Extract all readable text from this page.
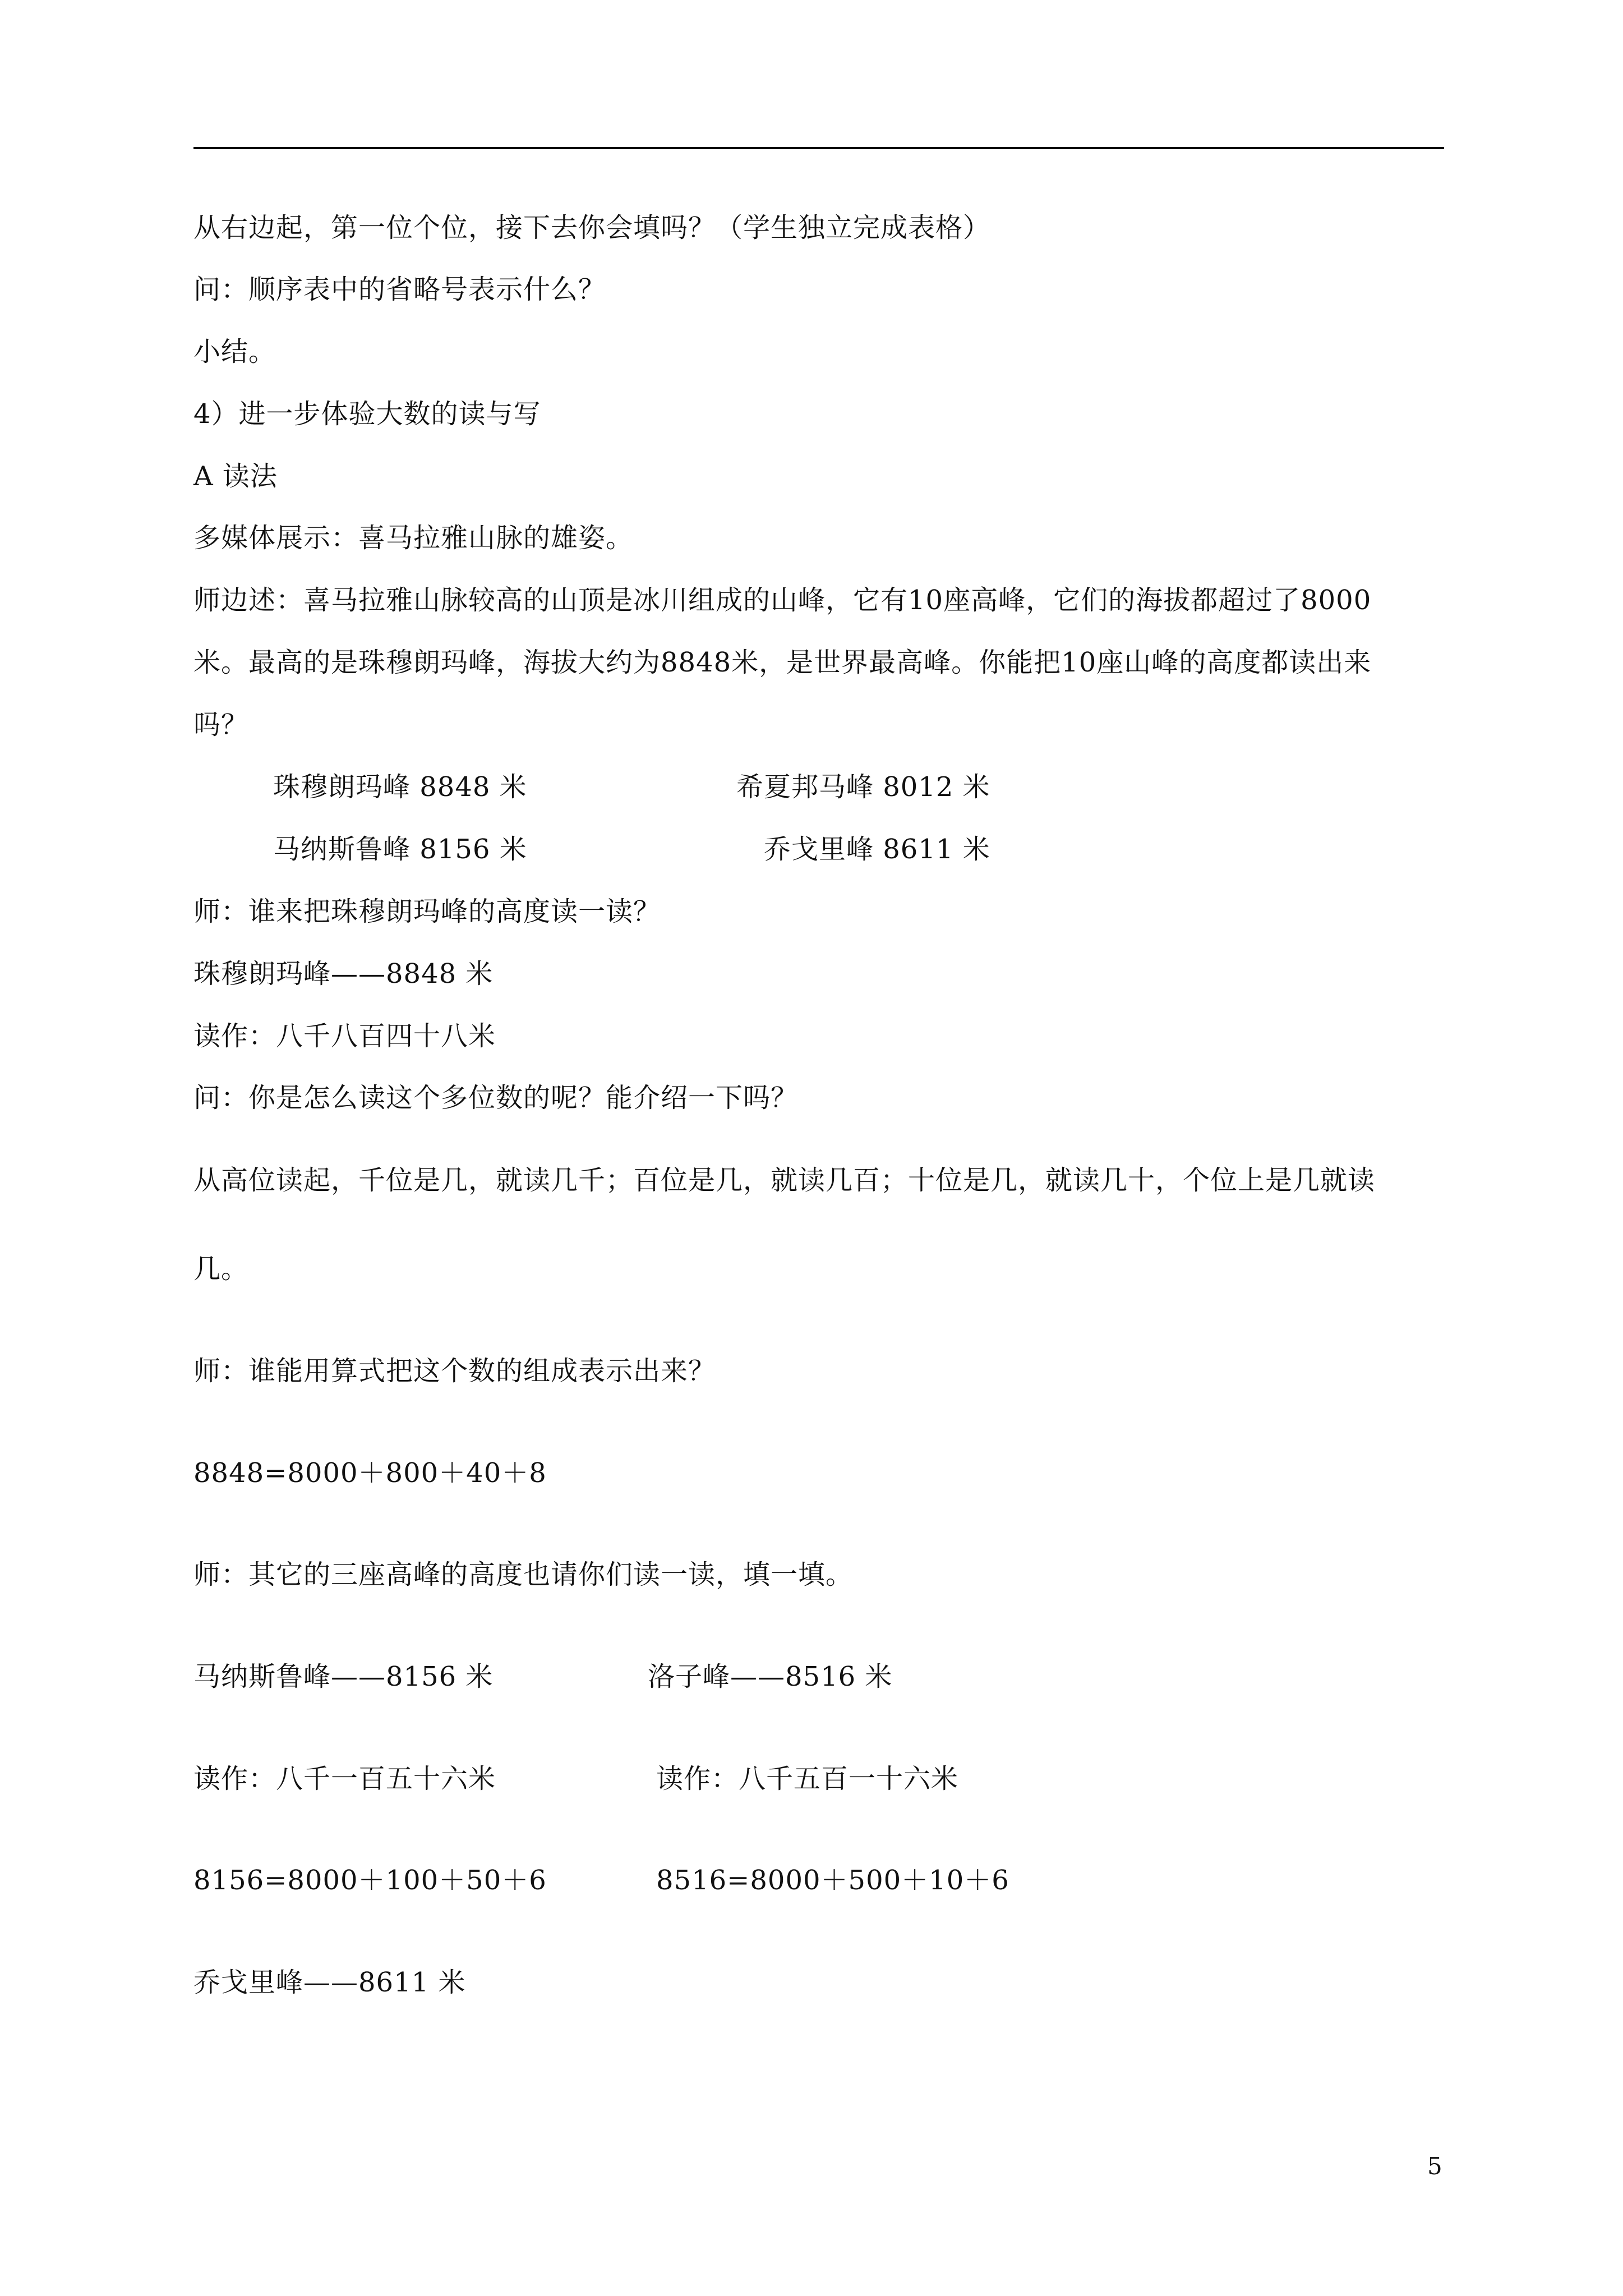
从右边起，第一位个位，接下去你会填吗？（学生独立完成表格）
问：顺序表中的省略号表示什么？
小结。
4）进一步体验大数的读与写
A 读法
多媒体展示：喜马拉雅山脉的雄姿。
师边述：喜马拉雅山脉较高的山顶是冰川组成的山峰，它有10座高峰，它们的海拔都超过了8000
米。最高的是珠穆朗玛峰，海拔大约为8848米，是世界最高峰。你能把10座山峰的高度都读出来
吗？
珠穆朗玛峰 8848 米	希夏邦马峰 8012 米
马纳斯鲁峰 8156 米	乔戈里峰 8611 米
师：谁来把珠穆朗玛峰的高度读一读？
珠穆朗玛峰——8848 米
读作：八千八百四十八米
问：你是怎么读这个多位数的呢？能介绍一下吗？
从高位读起，千位是几，就读几千；百位是几，就读几百；十位是几，就读几十，个位上是几就读
几。
师：谁能用算式把这个数的组成表示出来？
8848=8000＋800＋40＋8
师：其它的三座高峰的高度也请你们读一读，填一填。
马纳斯鲁峰——8156 米	洛子峰——8516 米
读作：八千一百五十六米	读作：八千五百一十六米
8156=8000＋100＋50＋6	8516=8000＋500＋10＋6
乔戈里峰——8611 米
5
